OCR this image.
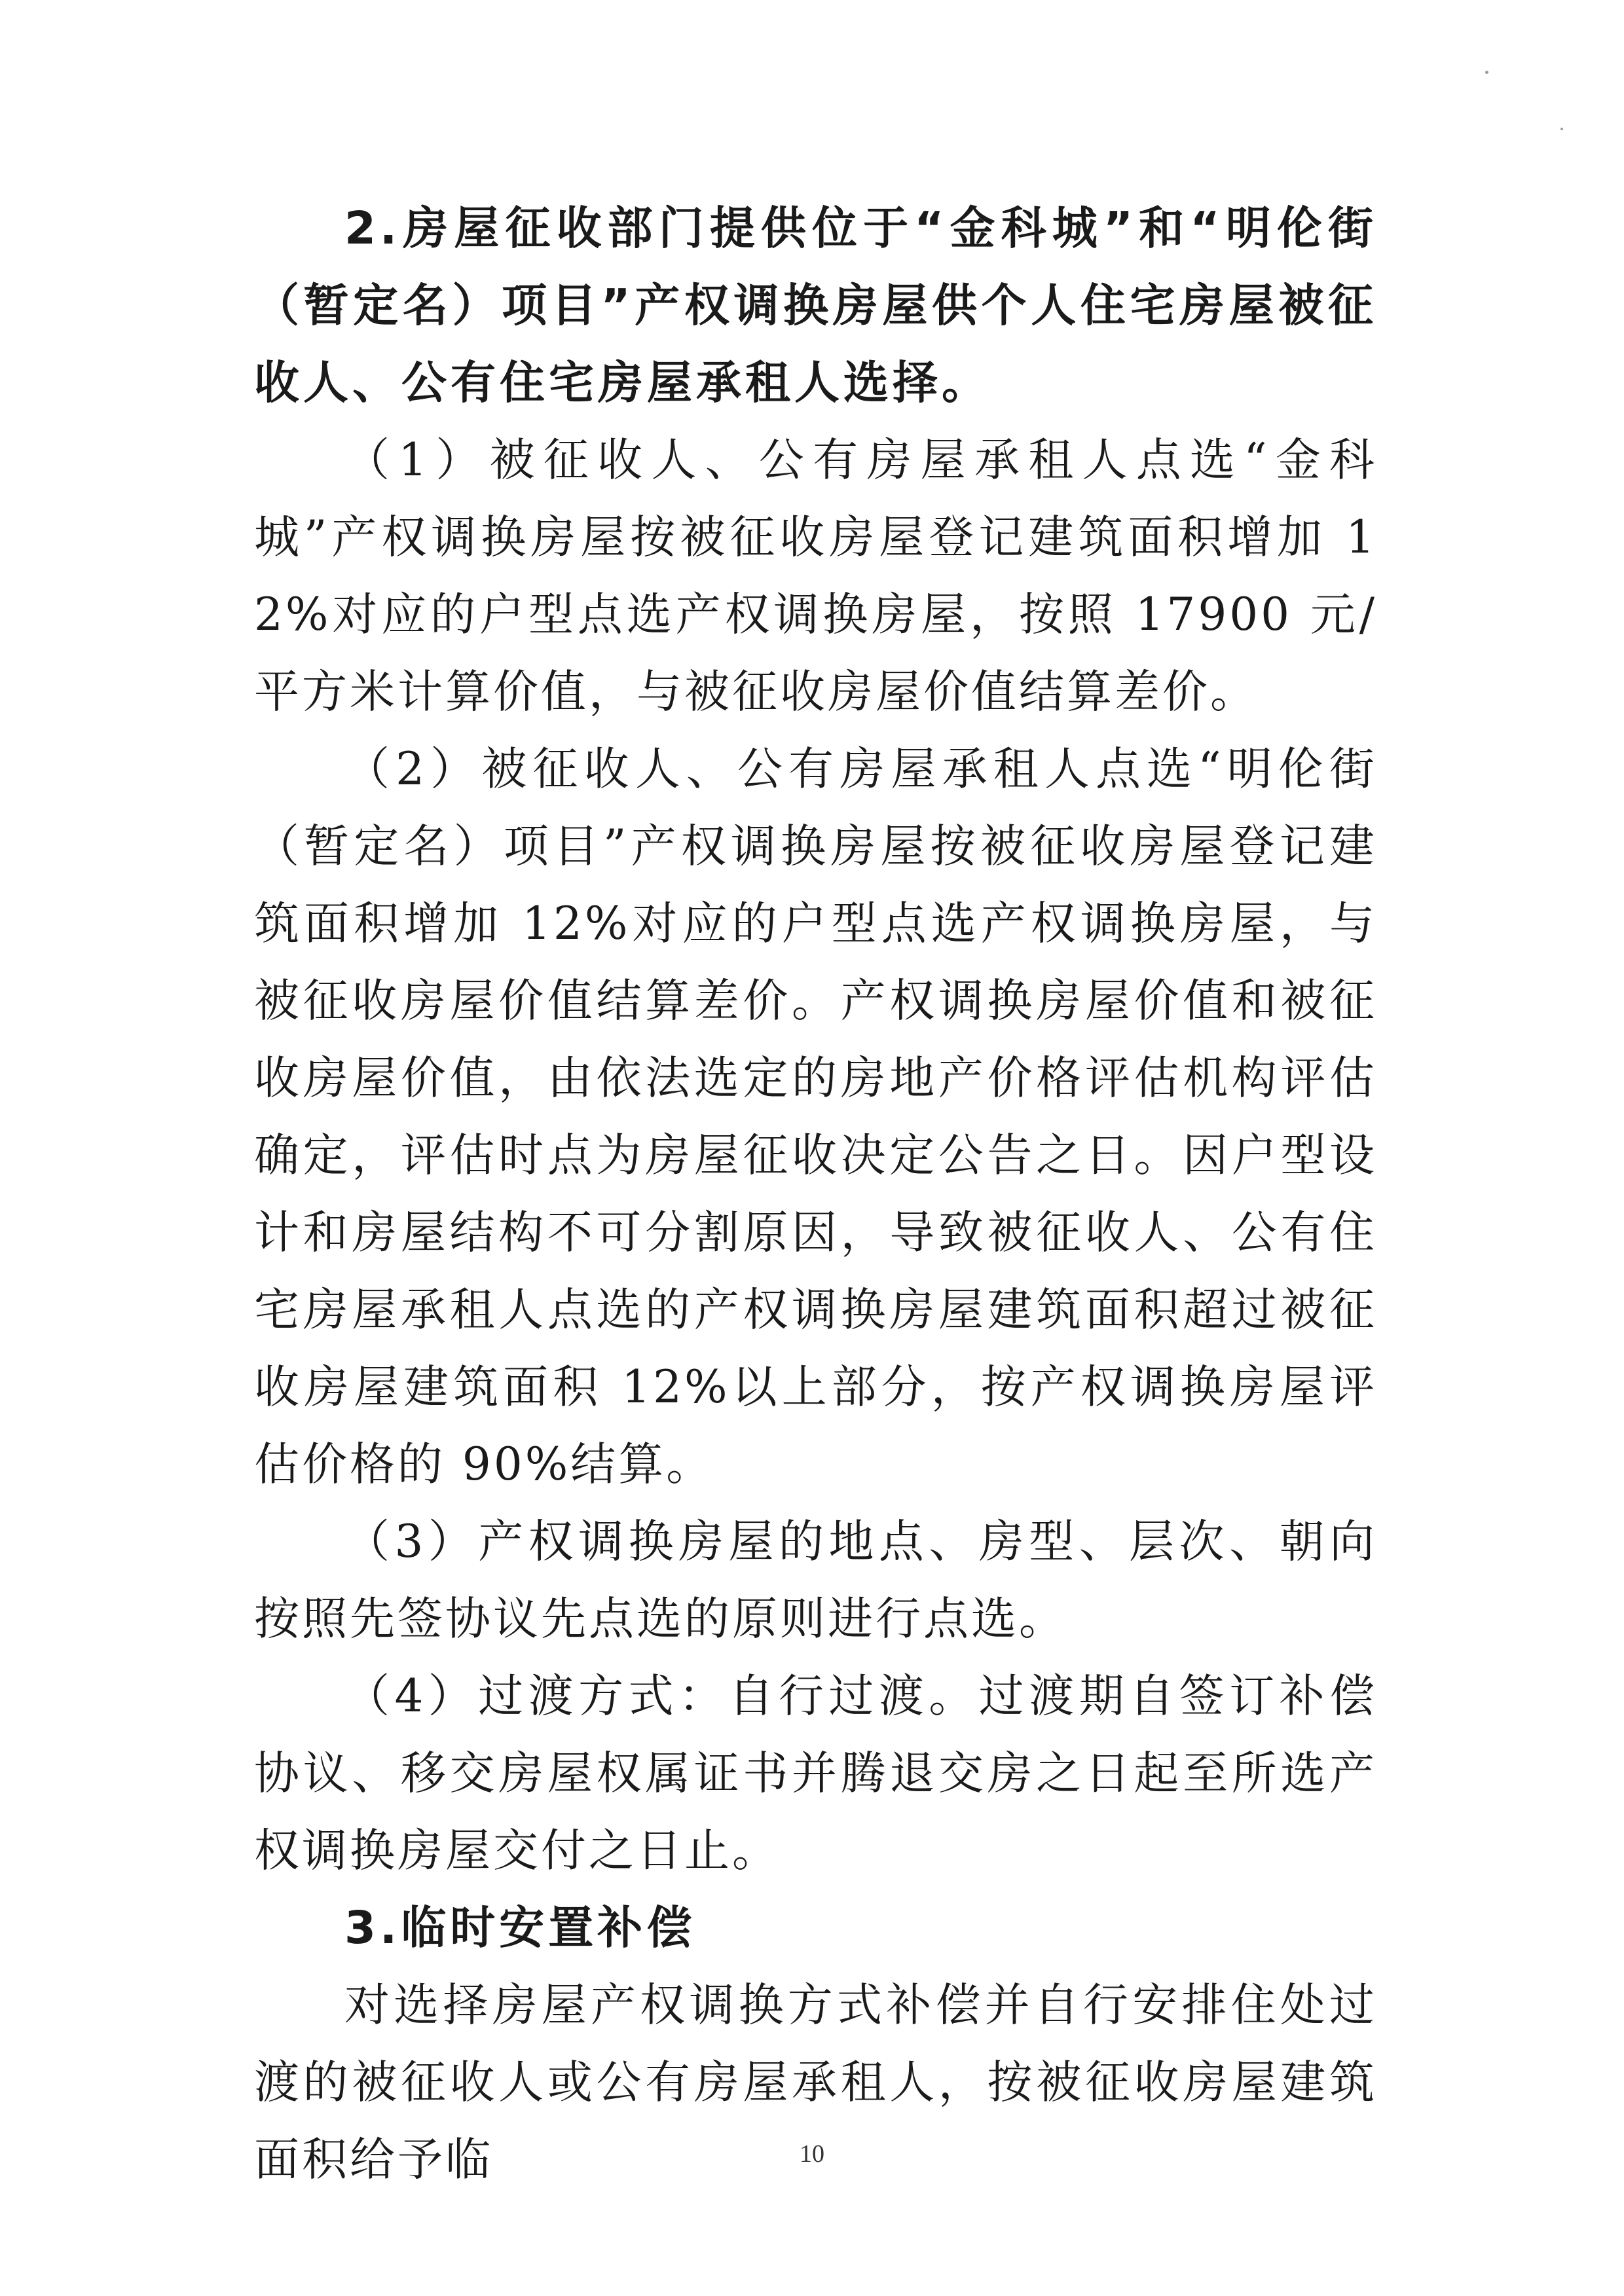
2.房屋征收部门提供位于“金科城”和“明伦街（暂定名）项目”产权调换房屋供个人住宅房屋被征收人、公有住宅房屋承租人选择。

（1）被征收人、公有房屋承租人点选“金科城”产权调换房屋按被征收房屋登记建筑面积增加 12%对应的户型点选产权调换房屋，按照 17900 元/平方米计算价值，与被征收房屋价值结算差价。

（2）被征收人、公有房屋承租人点选“明伦街（暂定名）项目”产权调换房屋按被征收房屋登记建筑面积增加 12%对应的户型点选产权调换房屋，与被征收房屋价值结算差价。产权调换房屋价值和被征收房屋价值，由依法选定的房地产价格评估机构评估确定，评估时点为房屋征收决定公告之日。因户型设计和房屋结构不可分割原因，导致被征收人、公有住宅房屋承租人点选的产权调换房屋建筑面积超过被征收房屋建筑面积 12%以上部分，按产权调换房屋评估价格的 90%结算。

（3）产权调换房屋的地点、房型、层次、朝向按照先签协议先点选的原则进行点选。

（4）过渡方式：自行过渡。过渡期自签订补偿协议、移交房屋权属证书并腾退交房之日起至所选产权调换房屋交付之日止。

3.临时安置补偿

对选择房屋产权调换方式补偿并自行安排住处过渡的被征收人或公有房屋承租人，按被征收房屋建筑面积给予临	10
